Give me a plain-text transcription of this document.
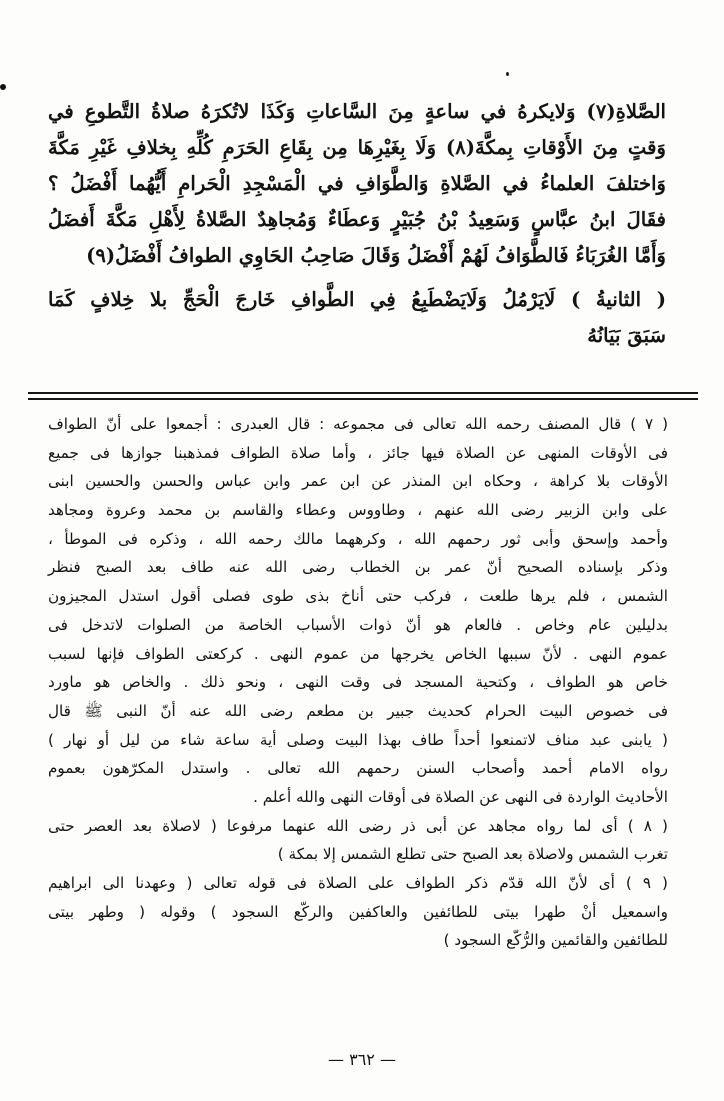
الصَّلاةِ(٧) وَلايكرهُ في ساعةٍ مِنَ السَّاعاتِ وَكَذَا لاتُكرَهُ صلاةُ التَّطوعِ في
وَقتٍ مِنَ الأَوْقاتِ بِمكَّةَ(٨) وَلَا بِغَيْرِهَا مِن بِقَاعِ الحَرَمِ كُلِّهِ بِخلافِ غَيْرِ مَكَّةَ
وَاختلفَ العلماءُ في الصَّلاةِ وَالطَّوَافِ في الْمَسْجِدِ الْحَرامِ أَيُّهُما أَفْضَلُ ؟
فقَالَ ابنُ عبَّاسٍ وَسَعِيدُ بْنُ جُبَيْرٍ وَعطَاءٌ وَمُجاهِدٌ الصَّلاةُ لِأَهْلِ مَكَّةَ أَفضَلُ
وَأَمَّا الغُرَبَاءُ فَالطَّوَافُ لَهُمْ أَفْضَلُ وَقَالَ صَاحِبُ الحَاوِي الطوافُ أَفْضَلُ(٩)
( الثانيةُ ) لَايَرْمُلُ وَلَايَضْطَبِعُ فِي الطَّوافِ خَارجَ الْحَجِّ بلا خِلافٍ كَمَا
سَبَقَ بَيَانُهُ
( ٧ ) قال المصنف رحمه الله تعالى فى مجموعه : قال العبدرى : أجمعوا على أنّ الطواف
فى الأوقات المنهى عن الصلاة فيها جائز ، وأما صلاة الطواف فمذهبنا جوازها فى جميع
الأوقات بلا كراهة ، وحكاه ابن المنذر عن ابن عمر وابن عباس والحسن والحسين ابنى
على وابن الزبير رضى الله عنهم ، وطاووس وعطاء والقاسم بن محمد وعروة ومجاهد
وأحمد وإسحق وأبى ثور رحمهم الله ، وكرههما مالك رحمه الله ، وذكره فى الموطأ ،
وذكر بإسناده الصحيح أنّ عمر بن الخطاب رضى الله عنه طاف بعد الصبح فنظر
الشمس ، فلم يرها طلعت ، فركب حتى أناخ بذى طوى فصلى أقول استدل المجيزون
بدليلين عام وخاص . فالعام هو أنّ ذوات الأسباب الخاصة من الصلوات لاتدخل فى
عموم النهى . لأنّ سببها الخاص يخرجها من عموم النهى . كركعتى الطواف فإنها لسبب
خاص هو الطواف ، وكتحية المسجد فى وقت النهى ، ونحو ذلك . والخاص هو ماورد
فى خصوص البيت الحرام كحديث جبير بن مطعم رضى الله عنه أنّ النبى ﷺ قال
( يابنى عبد مناف لاتمنعوا أحداً طاف بهذا البيت وصلى أية ساعة شاء من ليل أو نهار )
رواه الامام أحمد وأصحاب السنن رحمهم الله تعالى . واستدل المكرّهون بعموم
الأحاديث الواردة فى النهى عن الصلاة فى أوقات النهى والله أعلم .
( ٨ ) أى لما رواه مجاهد عن أبى ذر رضى الله عنهما مرفوعا ( لاصلاة بعد العصر حتى
تغرب الشمس ولاصلاة بعد الصبح حتى تطلع الشمس إلا بمكة )
( ٩ ) أى لأنّ الله قدّم ذكر الطواف على الصلاة فى قوله تعالى ( وعهدنا الى ابراهيم
واسمعيل أنْ طهرا بيتى للطائفين والعاكفين والركّع السجود ) وقوله ( وطهر بيتى
للطائفين والقائمين والرُّكّع السجود )
— ٣٦٢ —
